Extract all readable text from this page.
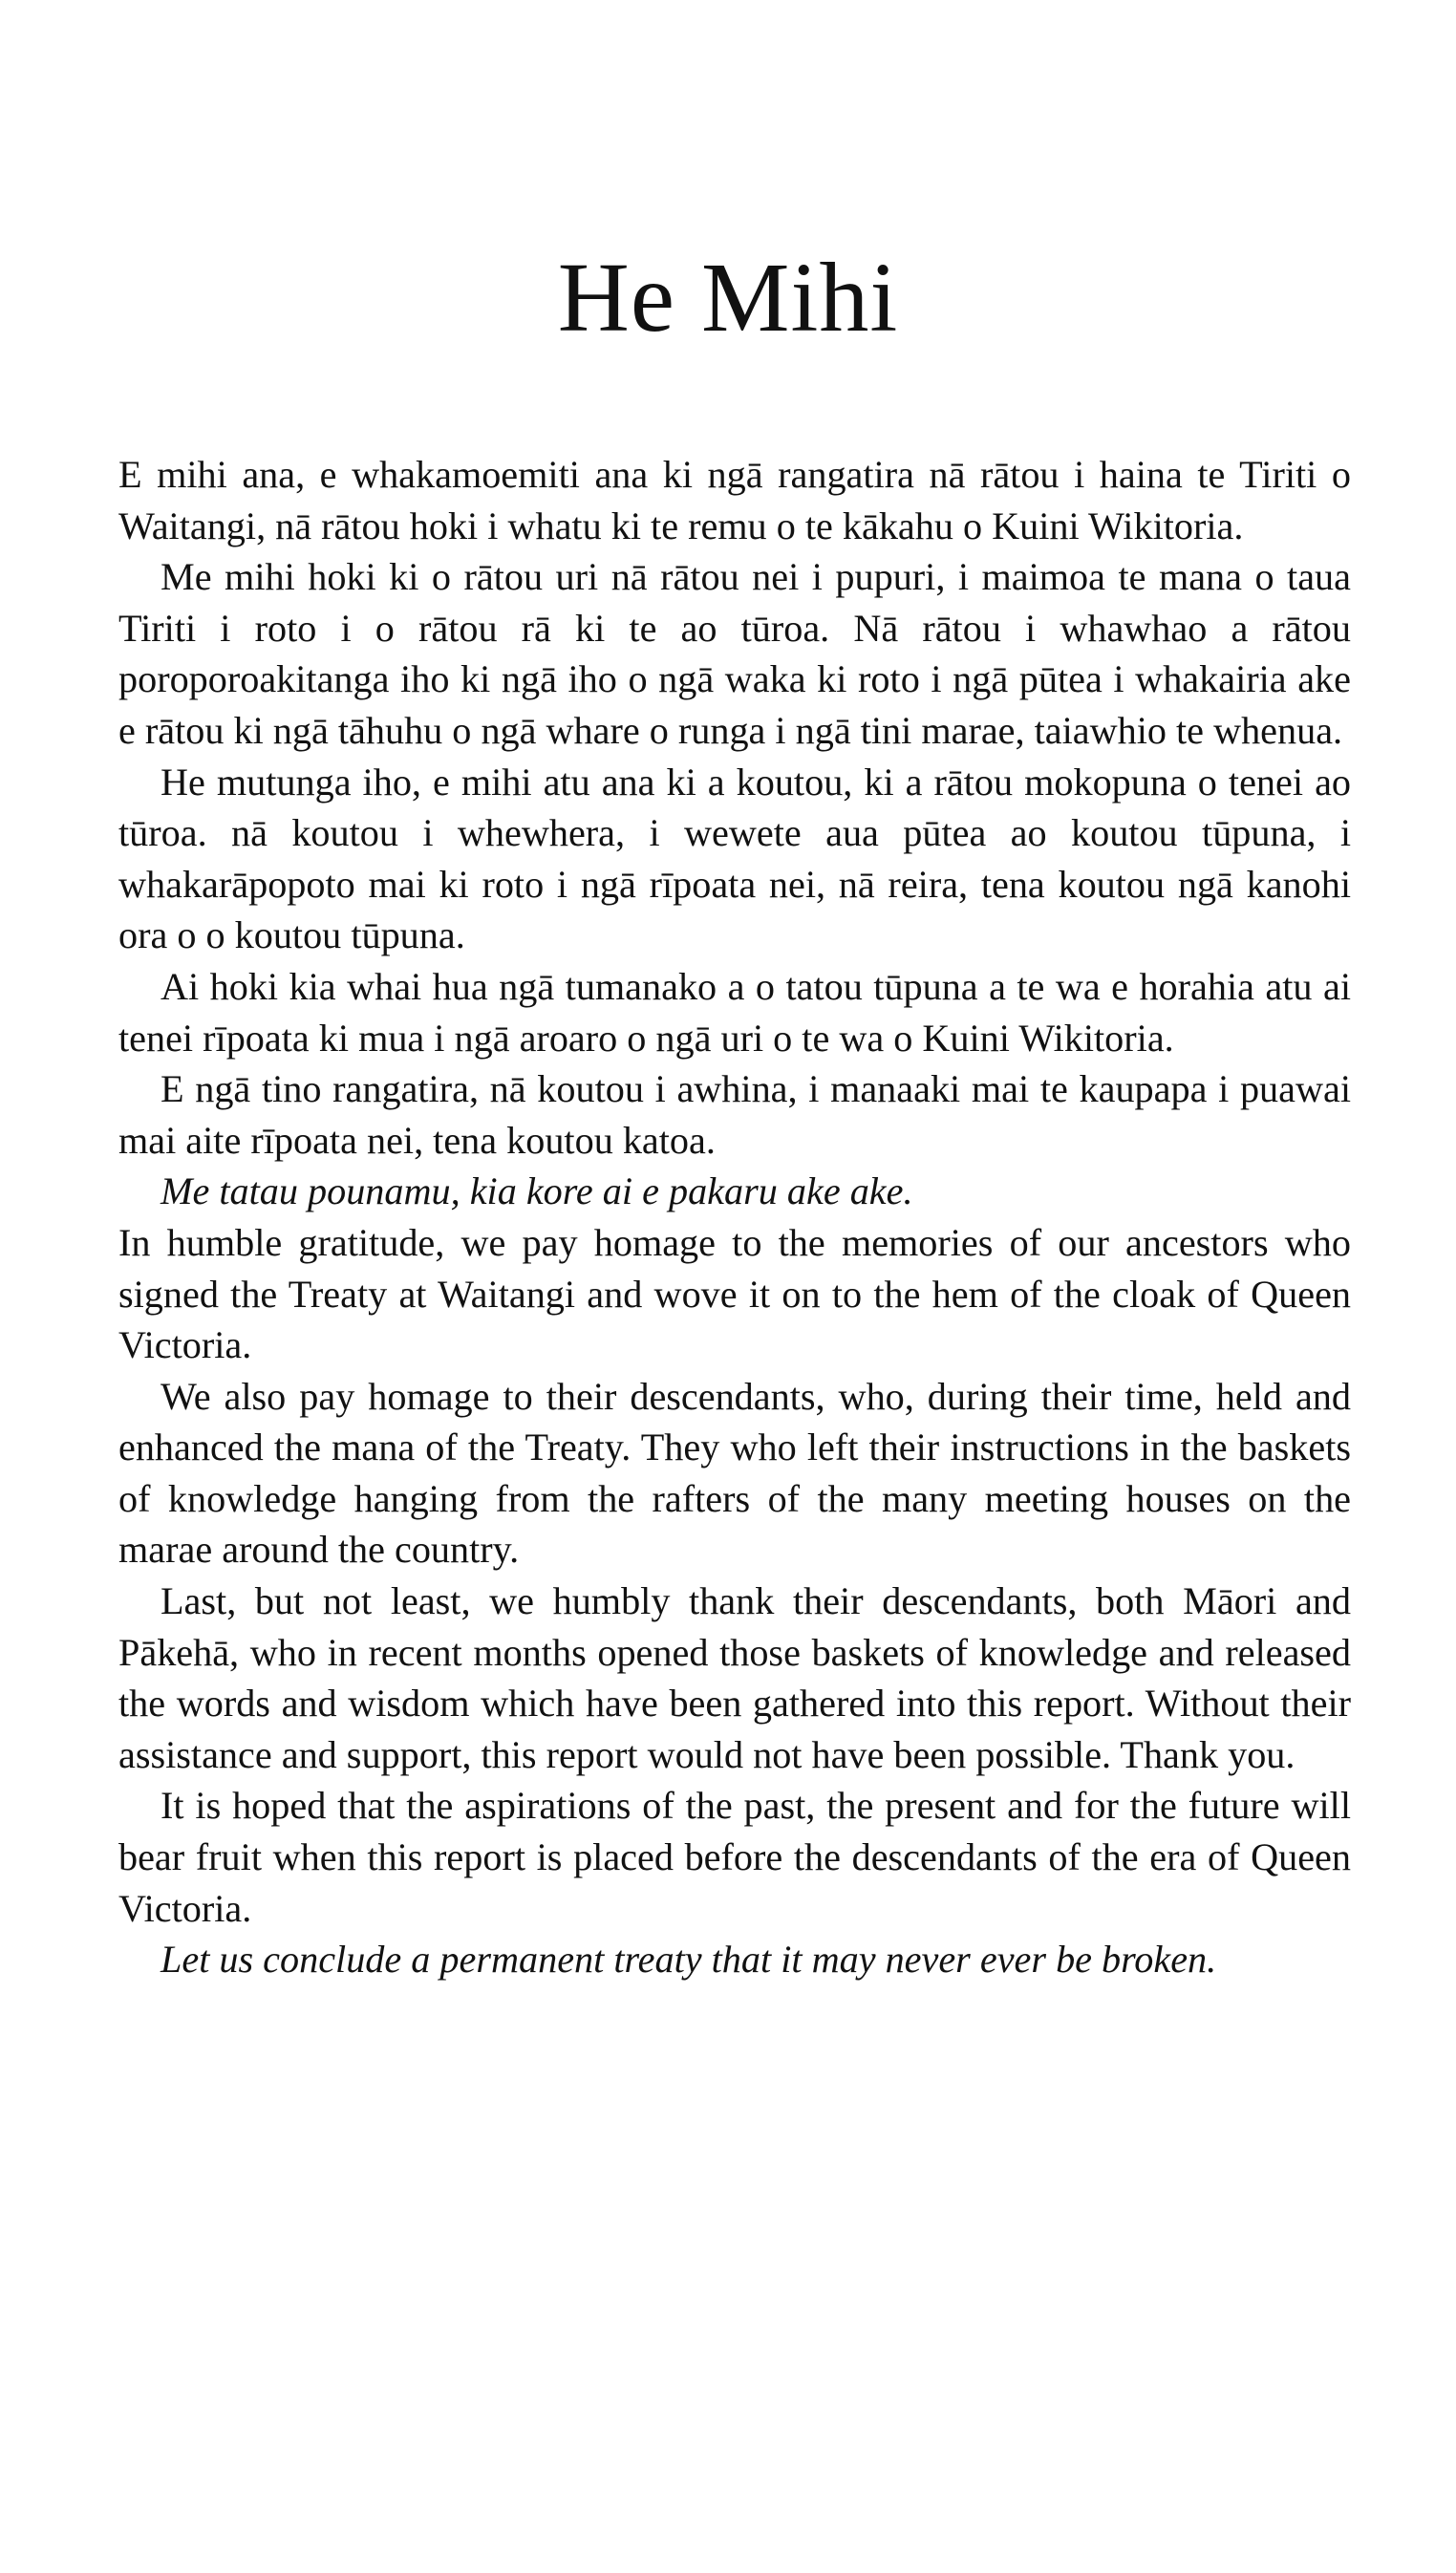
He Mihi

E mihi ana, e whakamoemiti ana ki ngā rangatira nā rātou i haina te Tiriti o Waitangi, nā rātou hoki i whatu ki te remu o te kākahu o Kuini Wikitoria.

Me mihi hoki ki o rātou uri nā rātou nei i pupuri, i maimoa te mana o taua Tiriti i roto i o rātou rā ki te ao tūroa. Nā rātou i whawhao a rātou poroporoakitanga iho ki ngā iho o ngā waka ki roto i ngā pūtea i whakairia ake e rātou ki ngā tāhuhu o ngā whare o runga i ngā tini marae, taiawhio te whenua.

He mutunga iho, e mihi atu ana ki a koutou, ki a rātou mokopuna o tenei ao tūroa. nā koutou i whewhera, i wewete aua pūtea ao koutou tūpuna, i whakarāpopoto mai ki roto i ngā rīpoata nei, nā reira, tena koutou ngā kanohi ora o o koutou tūpuna.

Ai hoki kia whai hua ngā tumanako a o tatou tūpuna a te wa e horahia atu ai tenei rīpoata ki mua i ngā aroaro o ngā uri o te wa o Kuini Wikitoria.

E ngā tino rangatira, nā koutou i awhina, i manaaki mai te kaupapa i puawai mai aite rīpoata nei, tena koutou katoa.

Me tatau pounamu, kia kore ai e pakaru ake ake.

In humble gratitude, we pay homage to the memories of our ancestors who signed the Treaty at Waitangi and wove it on to the hem of the cloak of Queen Victoria.

We also pay homage to their descendants, who, during their time, held and enhanced the mana of the Treaty. They who left their instructions in the baskets of knowledge hanging from the rafters of the many meeting houses on the marae around the country.

Last, but not least, we humbly thank their descendants, both Māori and Pākehā, who in recent months opened those baskets of knowledge and released the words and wisdom which have been gathered into this report. Without their assistance and support, this report would not have been possible. Thank you.

It is hoped that the aspirations of the past, the present and for the future will bear fruit when this report is placed before the descendants of the era of Queen Victoria.

Let us conclude a permanent treaty that it may never ever be broken.
